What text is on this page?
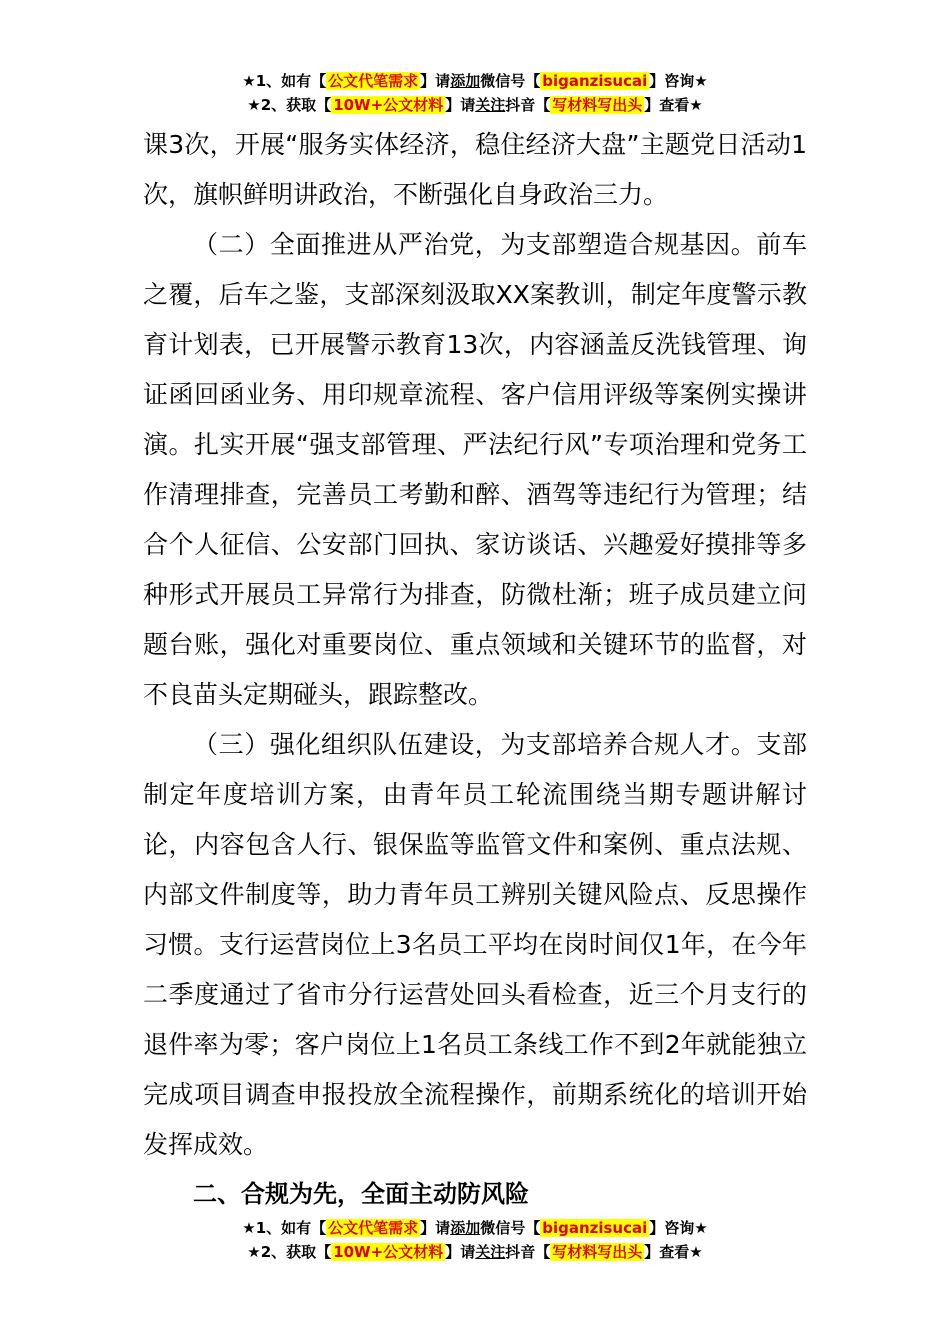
★1、如有【 公文代笔需求 】请添加微信号【 biganzisucai 】咨询★
★2、获取【 10W+公文材料 】请关注抖音【 写材料写出头 】查看★

课3次，开展“服务实体经济，稳住经济大盘”主题党日活动1次，旗帜鲜明讲政治，不断强化自身政治三力。

（二）全面推进从严治党，为支部塑造合规基因。前车之覆，后车之鉴，支部深刻汲取XX案教训，制定年度警示教育计划表，已开展警示教育13次，内容涵盖反洗钱管理、询证函回函业务、用印规章流程、客户信用评级等案例实操讲演。扎实开展“强支部管理、严法纪行风”专项治理和党务工作清理排查，完善员工考勤和醉、酒驾等违纪行为管理；结合个人征信、公安部门回执、家访谈话、兴趣爱好摸排等多种形式开展员工异常行为排查，防微杜渐；班子成员建立问题台账，强化对重要岗位、重点领域和关键环节的监督，对不良苗头定期碰头，跟踪整改。

（三）强化组织队伍建设，为支部培养合规人才。支部制定年度培训方案，由青年员工轮流围绕当期专题讲解讨论，内容包含人行、银保监等监管文件和案例、重点法规、内部文件制度等，助力青年员工辨别关键风险点、反思操作习惯。支行运营岗位上3名员工平均在岗时间仅1年，在今年二季度通过了省市分行运营处回头看检查，近三个月支行的退件率为零；客户岗位上1名员工条线工作不到2年就能独立完成项目调查申报投放全流程操作，前期系统化的培训开始发挥成效。

二、合规为先，全面主动防风险
★1、如有【 公文代笔需求 】请添加微信号【 biganzisucai 】咨询★
★2、获取【 10W+公文材料 】请关注抖音【 写材料写出头 】查看★
